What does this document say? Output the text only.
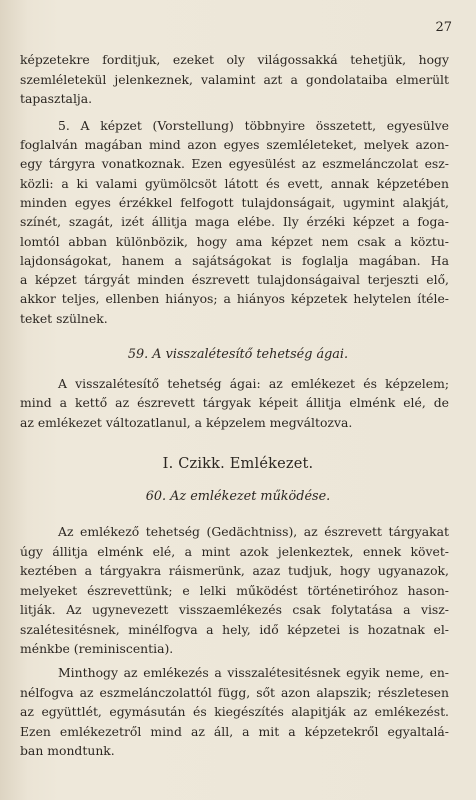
27
képzetekre forditjuk, ezeket oly világossakká tehetjük, hogy
szemléletekül jelenkeznek, valamint azt a gondolataiba elmerült
tapasztalja.
5. A képzet (Vorstellung) többnyire összetett, egyesülve
foglalván magában mind azon egyes szemléleteket, melyek azon-
egy tárgyra vonatkoznak. Ezen egyesülést az eszmelánczolat esz-
közli: a ki valami gyümölcsöt látott és evett, annak képzetében
minden egyes érzékkel felfogott tulajdonságait, ugymint alakját,
színét, szagát, izét állitja maga elébe. Ily érzéki képzet a foga-
lomtól abban különbözik, hogy ama képzet nem csak a köztu-
lajdonságokat, hanem a sajátságokat is foglalja magában. Ha
a képzet tárgyát minden észrevett tulajdonságaival terjeszti elő,
akkor teljes, ellenben hiányos; a hiányos képzetek helytelen ítéle-
teket szülnek.
59. A visszalétesítő tehetség ágai.
A visszalétesítő tehetség ágai: az emlékezet és képzelem;
mind a kettő az észrevett tárgyak képeit állitja elménk elé, de
az emlékezet változatlanul, a képzelem megváltozva.
I. Czikk. Emlékezet.
60. Az emlékezet működése.
Az emlékező tehetség (Gedächtniss), az észrevett tárgyakat
úgy állitja elménk elé, a mint azok jelenkeztek, ennek követ-
keztében a tárgyakra ráismerünk, azaz tudjuk, hogy ugyanazok,
melyeket észrevettünk; e lelki működést történetiróhoz hason-
litják. Az ugynevezett visszaemlékezés csak folytatása a visz-
szalétesitésnek, minélfogva a hely, idő képzetei is hozatnak el-
ménkbe (reminiscentia).
Minthogy az emlékezés a visszalétesitésnek egyik neme, en-
nélfogva az eszmelánczolattól függ, sőt azon alapszik; részletesen
az együttlét, egymásután és kiegészítés alapitják az emlékezést.
Ezen emlékezetről mind az áll, a mit a képzetekről egyaltalá-
ban mondtunk.
